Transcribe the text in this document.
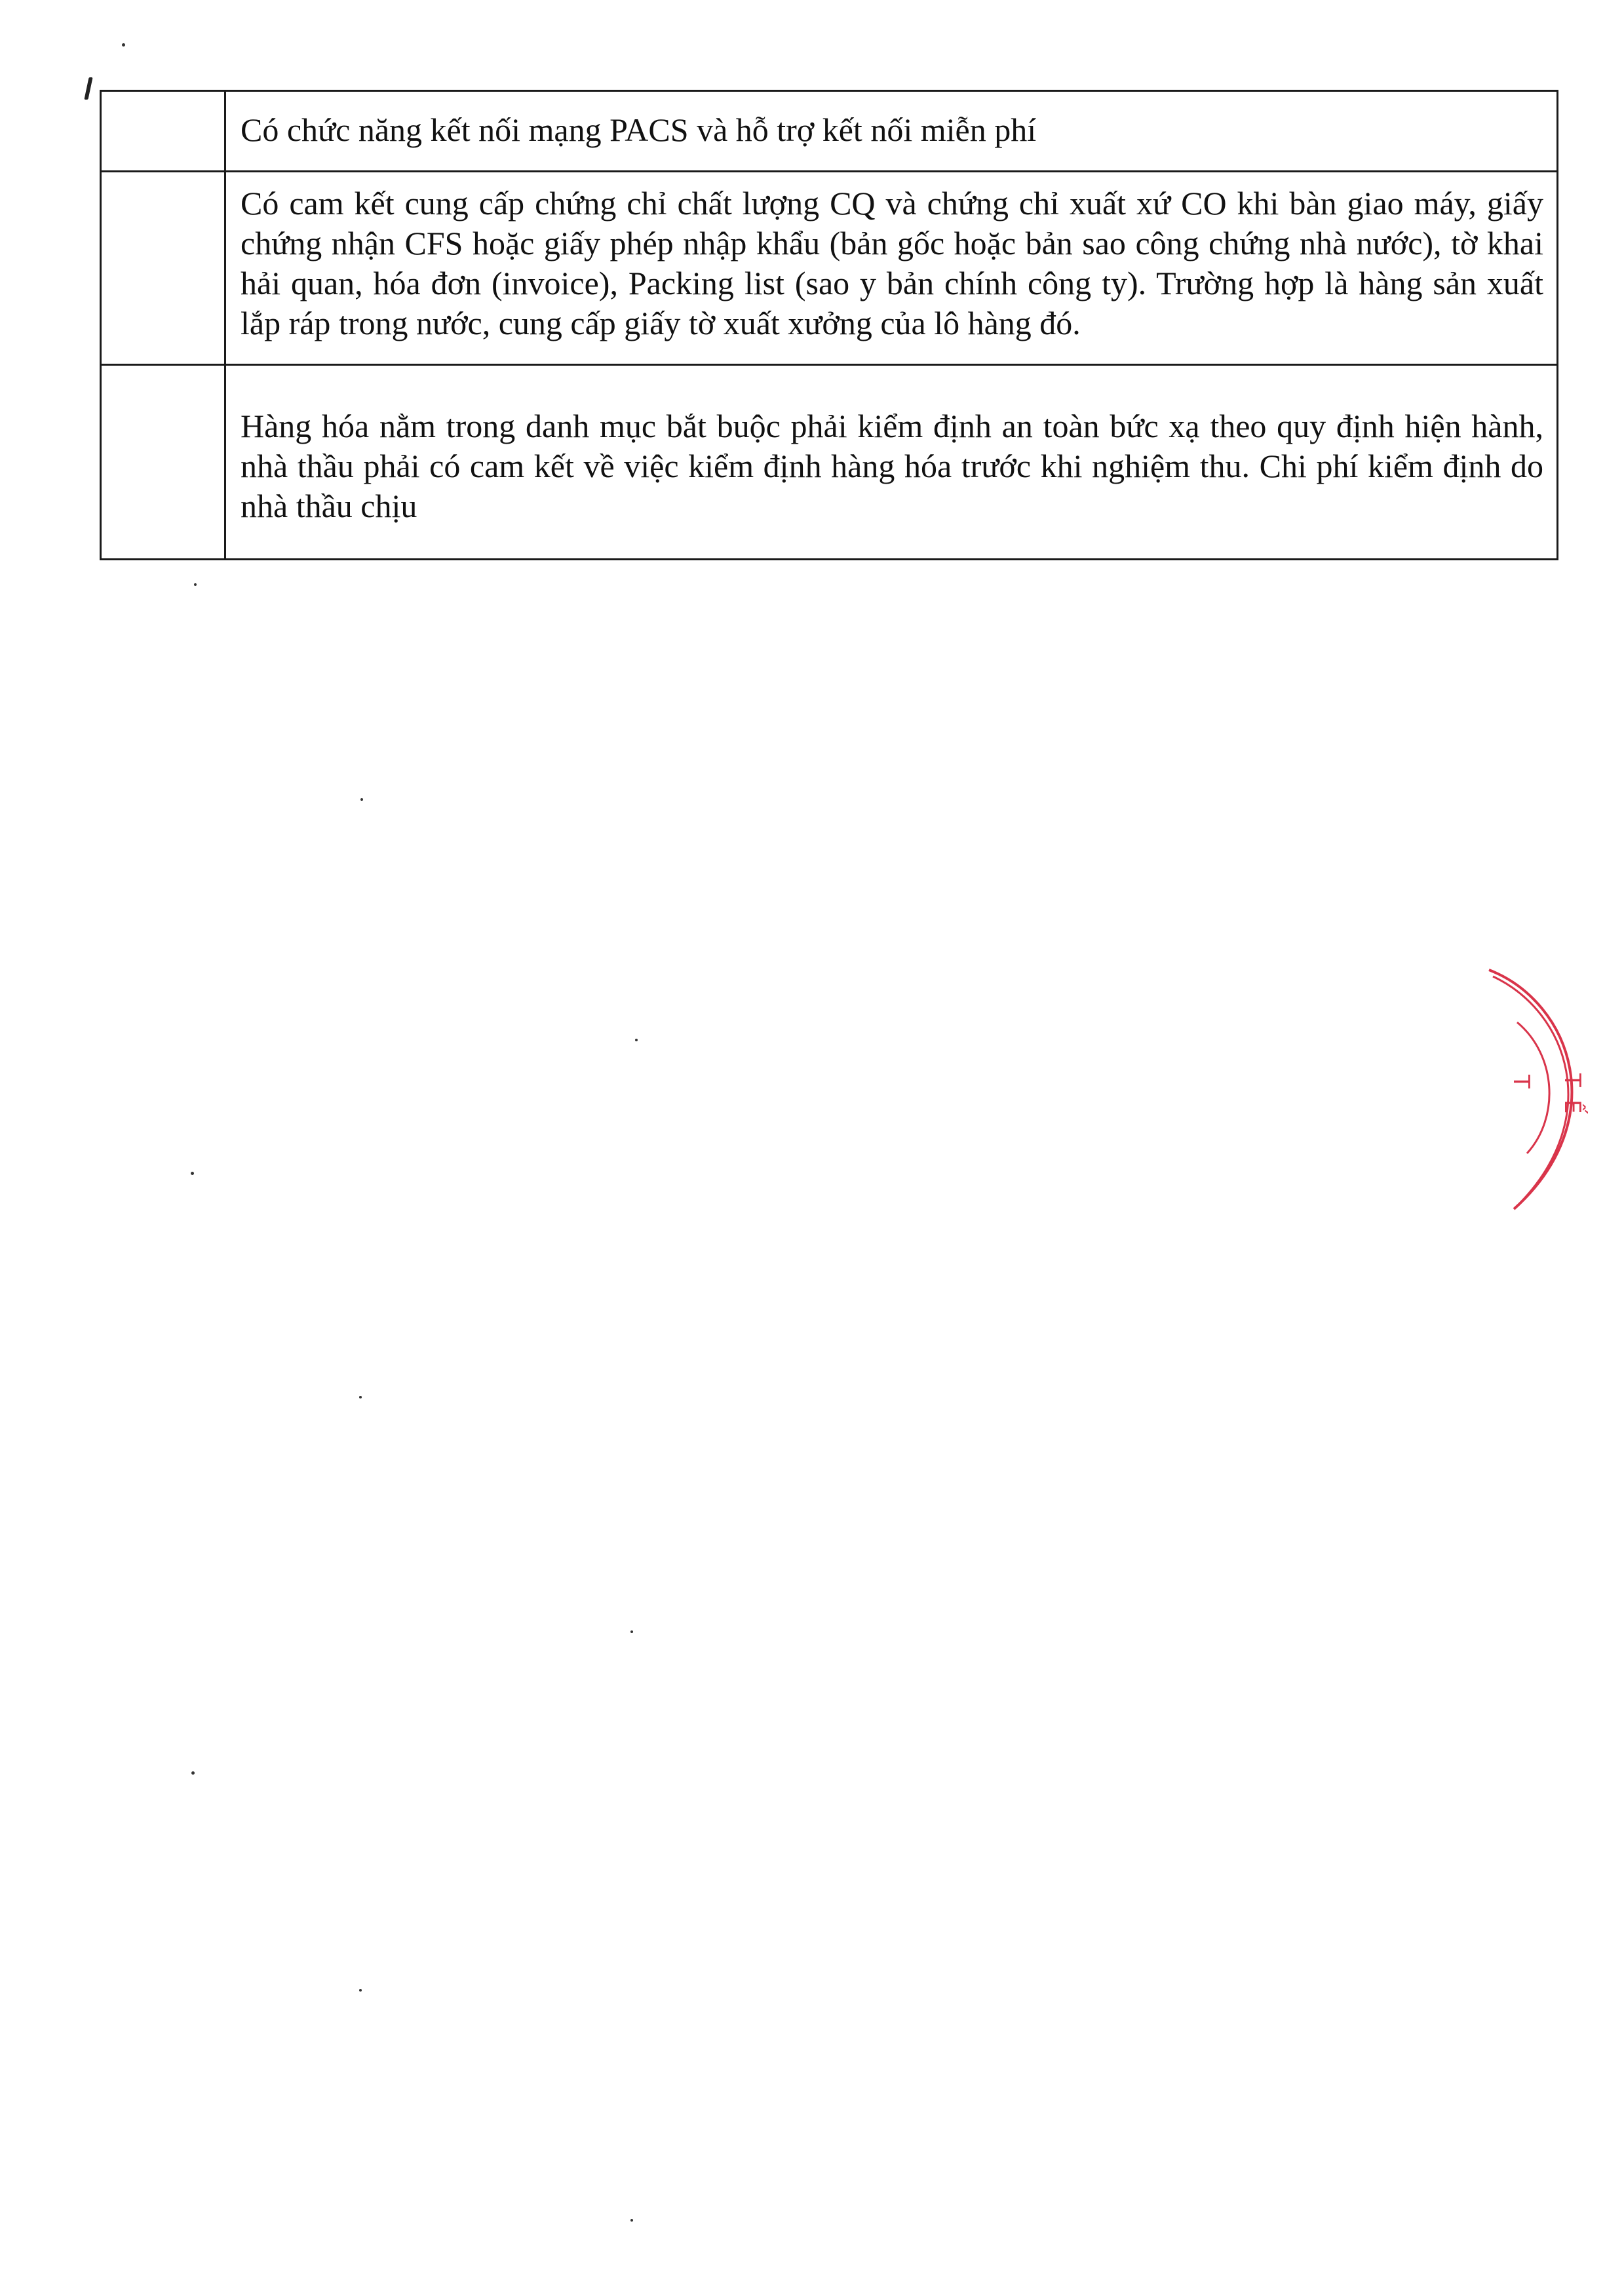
	Có chức năng kết nối mạng PACS và hỗ trợ kết nối miễn phí

	Có cam kết cung cấp chứng chỉ chất lượng CQ và chứng chỉ xuất xứ CO khi bàn giao máy, giấy chứng nhận CFS hoặc giấy phép nhập khẩu (bản gốc hoặc bản sao công chứng nhà nước), tờ khai hải quan, hóa đơn (invoice), Packing list (sao y bản chính công ty). Trường hợp là hàng sản xuất lắp ráp trong nước, cung cấp giấy tờ xuất xưởng của lô hàng đó.

	Hàng hóa nằm trong danh mục bắt buộc phải kiểm định an toàn bức xạ theo quy định hiện hành, nhà thầu phải có cam kết về việc kiểm định hàng hóa trước khi nghiệm thu. Chi phí kiểm định do nhà thầu chịu
T
Ế
T
